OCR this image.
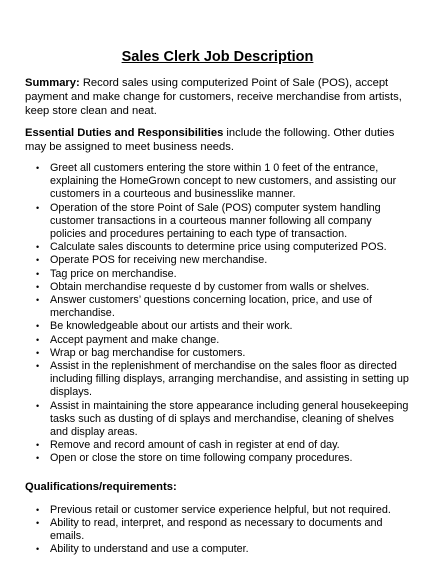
Sales Clerk Job Description

Summary: Record sales using computerized Point of Sale (POS), accept payment and make change for customers, receive merchandise from artists, keep store clean and neat.

Essential Duties and Responsibilities include the following. Other duties may be assigned to meet business needs.

• Greet all customers entering the store within 1 0 feet of the entrance, explaining the HomeGrown concept to new customers, and assisting our customers in a courteous and businesslike manner.
• Operation of the store Point of Sale (POS) computer system handling customer transactions in a courteous manner following all company policies and procedures pertaining to each type of transaction.
• Calculate sales discounts to determine price using computerized POS.
• Operate POS for receiving new merchandise.
• Tag price on merchandise.
• Obtain merchandise requeste d by customer from walls or shelves.
• Answer customers’ questions concerning location, price, and use of merchandise.
• Be knowledgeable about our artists and their work.
• Accept payment and make change.
• Wrap or bag merchandise for customers.
• Assist in the replenishment of merchandise on the sales floor as directed including filling displays, arranging merchandise, and assisting in setting up displays.
• Assist in maintaining the store appearance including general housekeeping tasks such as dusting of di splays and merchandise, cleaning of shelves and display areas.
• Remove and record amount of cash in register at end of day.
• Open or close the store on time following company procedures.

Qualifications/requirements:

• Previous retail or customer service experience helpful, but not required.
• Ability to read, interpret, and respond as necessary to documents and emails.
• Ability to understand and use a computer.
